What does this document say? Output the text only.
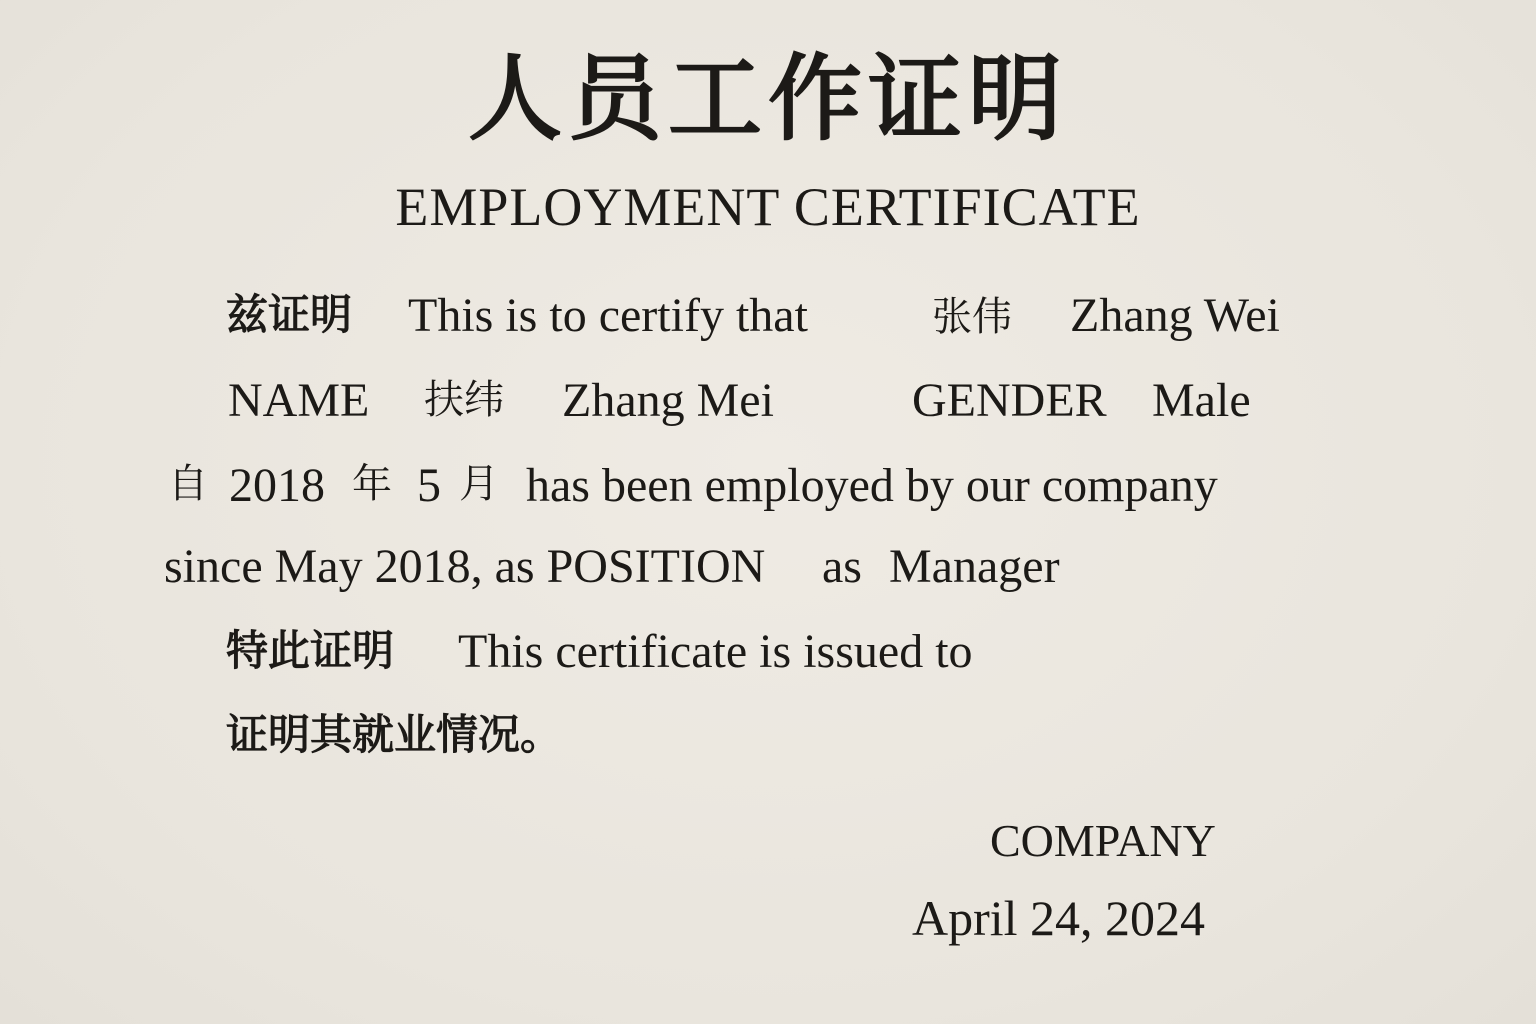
人员工作证明
EMPLOYMENT CERTIFICATE
兹证明 This is to certify that	张伟 Zhang Wei
NAME 扶纬 Zhang Mei	GENDER Male
自 2018 年 5 月 has been employed by our company
since May 2018, as POSITION as Manager
特此证明 This certificate is issued to
证明其就业情况。
COMPANY
April 24, 2024
